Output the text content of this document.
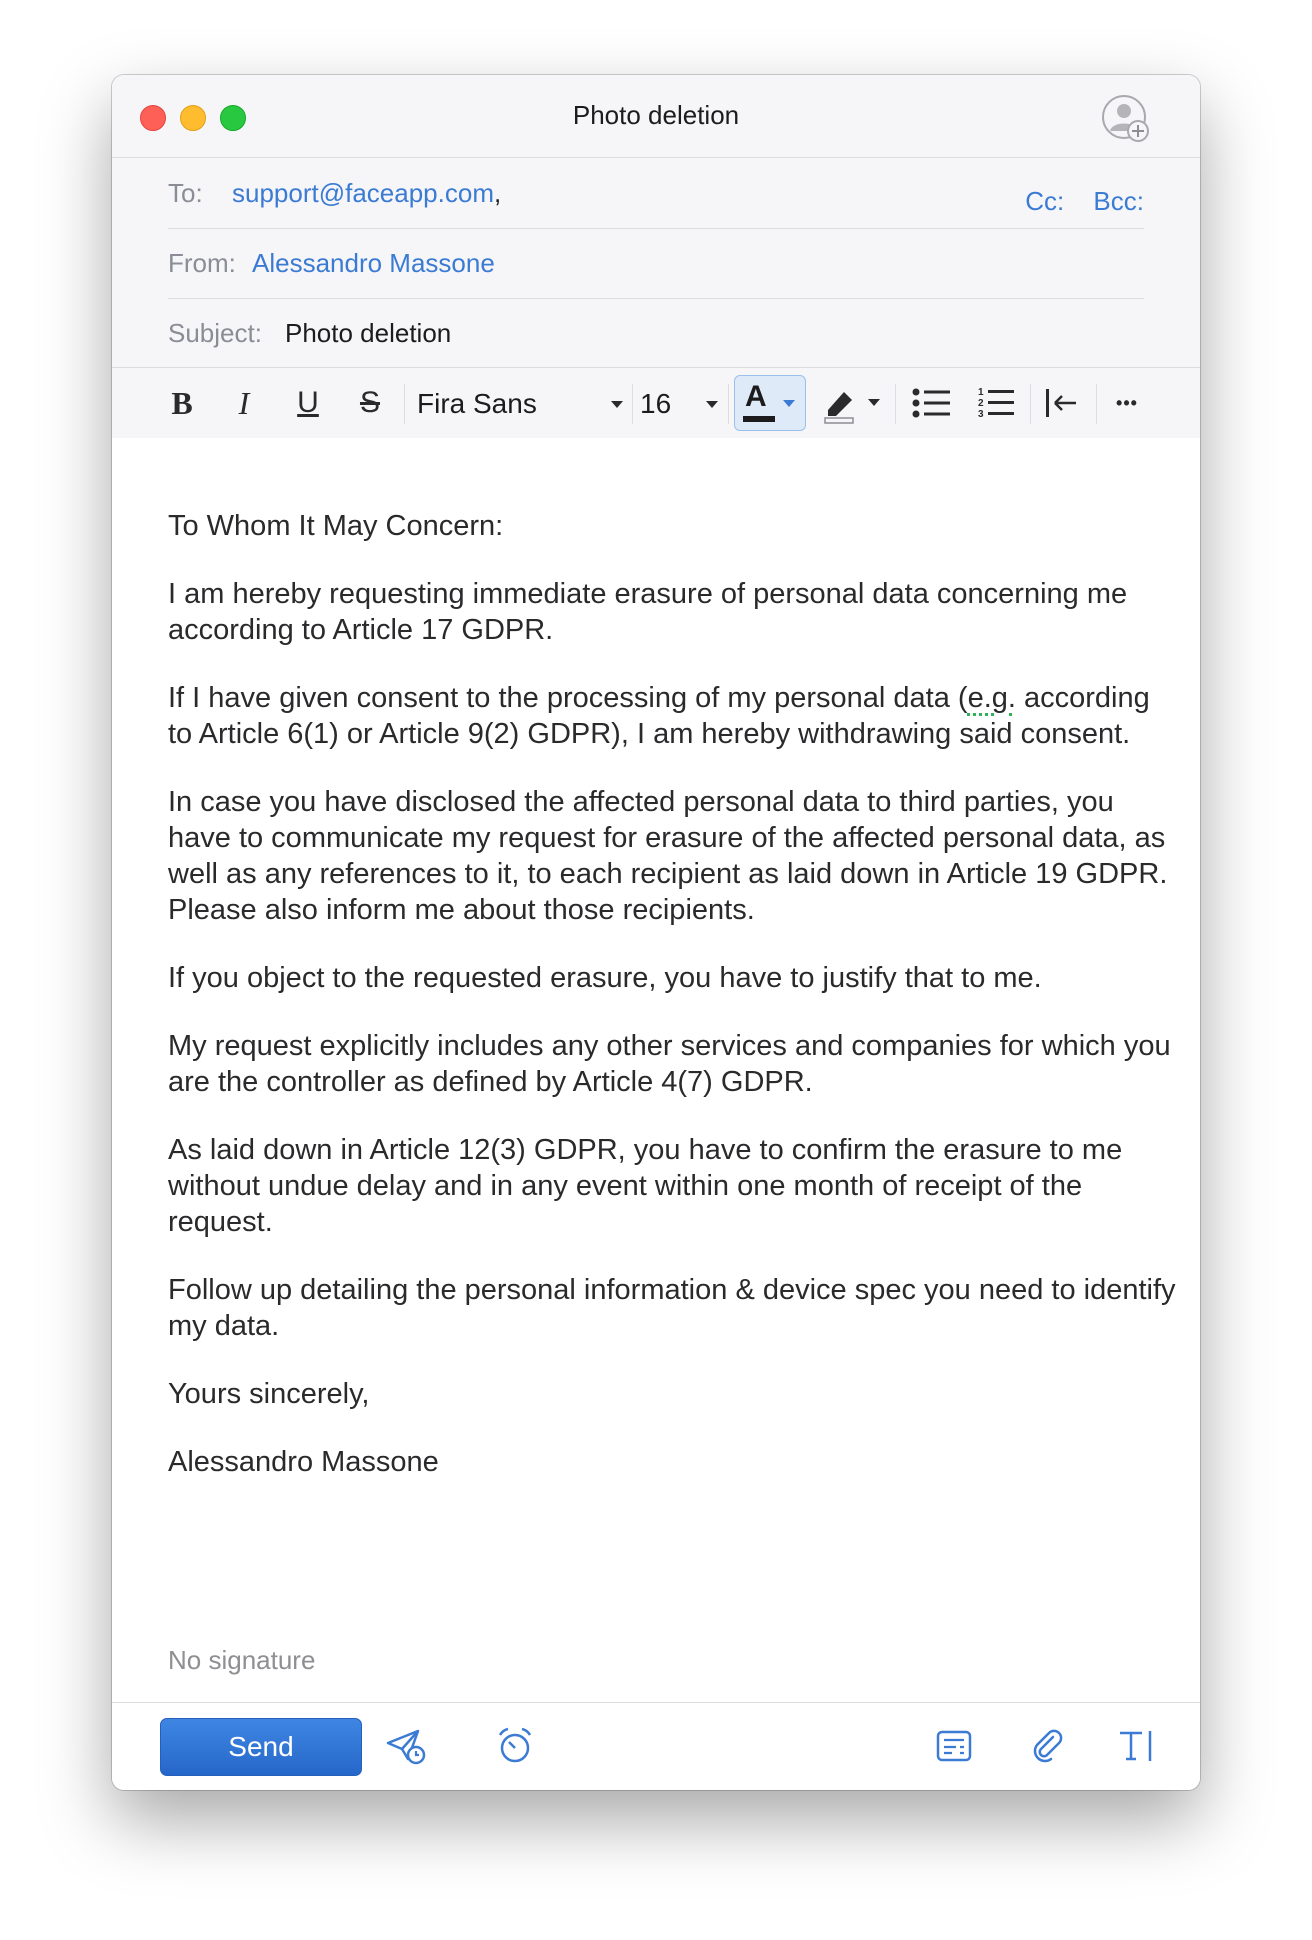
Photo deletion
To: support@faceapp.com,	Cc: Bcc:
From: Alessandro Massone
Subject: Photo deletion
B I U S Fira Sans	16 A	1
2
3
•••

To Whom It May Concern:

I am hereby requesting immediate erasure of personal data concerning me according to Article 17 GDPR.

If I have given consent to the processing of my personal data (e.g. according to Article 6(1) or Article 9(2) GDPR), I am hereby withdrawing said consent.

In case you have disclosed the affected personal data to third parties, you have to communicate my request for erasure of the affected personal data, as well as any references to it, to each recipient as laid down in Article 19 GDPR. Please also inform me about those recipients.

If you object to the requested erasure, you have to justify that to me.

My request explicitly includes any other services and companies for which you are the controller as defined by Article 4(7) GDPR.

As laid down in Article 12(3) GDPR, you have to confirm the erasure to me without undue delay and in any event within one month of receipt of the request.

Follow up detailing the personal information & device spec you need to identify my data.

Yours sincerely,

Alessandro Massone

No signature
Send
